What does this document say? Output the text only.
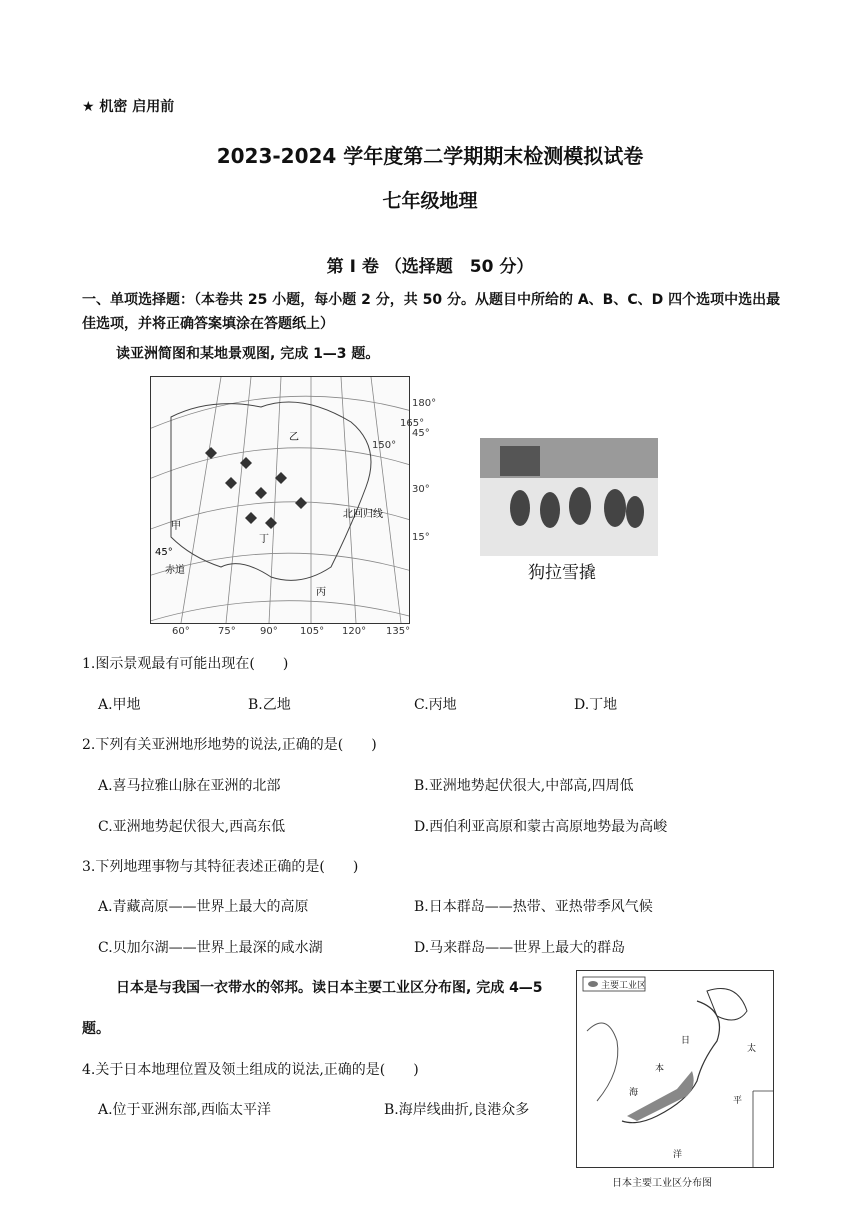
★ 机密 启用前
2023-2024 学年度第二学期期末检测模拟试卷
七年级地理
第 I 卷 （选择题　50 分）
一、单项选择题：（本卷共 25 小题，每小题 2 分，共 50 分。从题目中所给的 A、B、C、D 四个选项中选出最佳选项，并将正确答案填涂在答题纸上）
读亚洲简图和某地景观图, 完成 1—3 题。
乙
甲
丁
丙
北回归线
赤道
45°
180°
165°
45°
150°
30°
15°
60°	75° 90° 105° 120° 135°
狗拉雪撬
1.图示景观最有可能出现在(　　)
A.甲地	B.乙地	C.丙地	D.丁地
2.下列有关亚洲地形地势的说法,正确的是(　　)
A.喜马拉雅山脉在亚洲的北部	B.亚洲地势起伏很大,中部高,四周低
C.亚洲地势起伏很大,西高东低	D.西伯利亚高原和蒙古高原地势最为高峻
3.下列地理事物与其特征表述正确的是(　　)
A.青藏高原——世界上最大的高原	B.日本群岛——热带、亚热带季风气候
C.贝加尔湖——世界上最深的咸水湖	D.马来群岛——世界上最大的群岛
日本是与我国一衣带水的邻邦。读日本主要工业区分布图, 完成 4—5
题。
4.关于日本地理位置及领土组成的说法,正确的是(　　)
A.位于亚洲东部,西临太平洋	B.海岸线曲折,良港众多
主要工业区
日
本
海
太
平
洋
日本主要工业区分布图
